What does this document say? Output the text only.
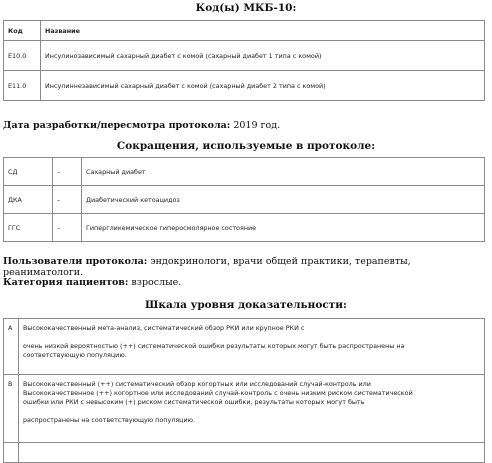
Код(ы) МКБ-10:
Код	Название
E10.0	Инсулинозависимый сахарный диабет с комой (сахарный диабет 1 типа с комой)
E11.0	Инсулиннезависимый сахарный диабет с комой (сахарный диабет 2 типа с комой)
Дата разработки/пересмотра протокола: 2019 год.
Сокращения, используемые в протоколе:
СД	–	Сахарный диабет
ДКА	–	Диабетический кетоацидоз
ГГС	–	Гипергликемическое гиперосмолярное состояние
Пользователи протокола: эндокринологи, врачи общей практики, терапевты, реаниматологи.
Категория пациентов: взрослые.
Шкала уровня доказательности:
А	Высококачественный мета-анализ, систематический обзор РКИ или крупное РКИ с
очень низкой вероятностью (++) систематической ошибки результаты которых могут быть распространены на
соответствующую популяцию.

В	Высококачественный (++) систематический обзор когортных или исследований случай-контроль или
Высококачественное (++) когортное или исследований случай-контроль с очень низким риском систематической
ошибки или РКИ с невысоким (+) риском систематической ошибки, результаты которых могут быть
распространены на соответствующую популяцию.
